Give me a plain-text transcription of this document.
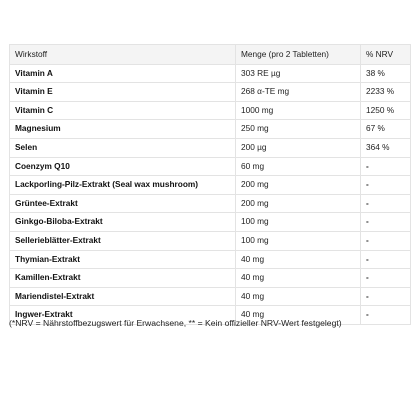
Wirkstoff	Menge (pro 2 Tabletten)	% NRV
Vitamin A	303 RE µg	38 %
Vitamin E	268 α-TE mg	2233 %
Vitamin C	1000 mg	1250 %
Magnesium	250 mg	67 %
Selen	200 µg	364 %
Coenzym Q10	60 mg	-
Lackporling-Pilz-Extrakt (Seal wax mushroom)	200 mg	-
Grüntee-Extrakt	200 mg	-
Ginkgo-Biloba-Extrakt	100 mg	-
Sellerieblätter-Extrakt	100 mg	-
Thymian-Extrakt	40 mg	-
Kamillen-Extrakt	40 mg	-
Mariendistel-Extrakt	40 mg	-
Ingwer-Extrakt	40 mg	-
(*NRV = Nährstoffbezugswert für Erwachsene, ** = Kein offizieller NRV-Wert festgelegt)
